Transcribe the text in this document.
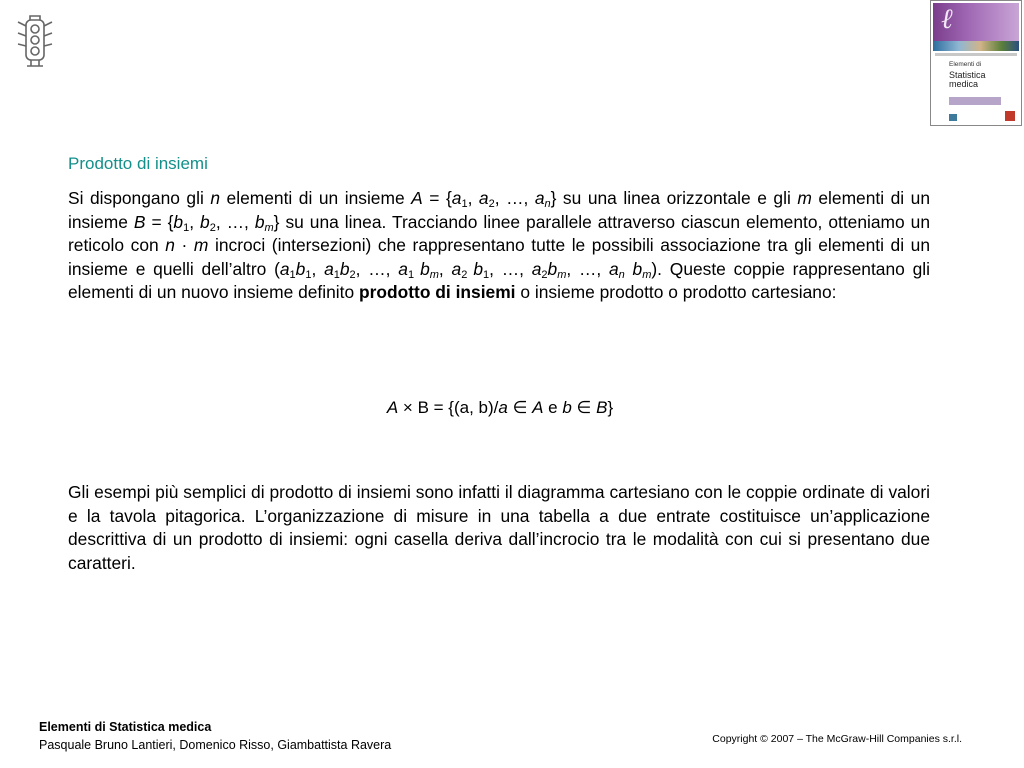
ℓ
Elementi di
Statistica
medica
Prodotto di insiemi

Si dispongano gli n elementi di un insieme $A = \{a_1$, $a_2$, …, $a_n$} su una linea orizzontale e gli m elementi di un insieme $B = \{b_1$, $b_2$, …, $b_m$} su una linea. Tracciando linee parallele attraverso ciascun elemento, otteniamo un reticolo con n · m incroci (intersezioni) che rappresentano tutte le possibili associazione tra gli elementi di un insieme e quelli dell’altro ($a_1b_1$, $a_1b_2$, …, $a_1$ $b_m$, $a_2$ $b_1$, …, $a_2b_m$, …, $a_n$ $b_m$). Queste coppie rappresentano gli elementi di un nuovo insieme definito prodotto di insiemi o insieme prodotto o prodotto cartesiano:

A × B = {(a, b)/a ∈ A e b ∈ B}

Gli esempi più semplici di prodotto di insiemi sono infatti il diagramma cartesiano con le coppie ordinate di valori e la tavola pitagorica. L’organizzazione di misure in una tabella a due entrate costituisce un’applicazione descrittiva di un prodotto di insiemi: ogni casella deriva dall’incrocio tra le modalità con cui si presentano due caratteri.

Elementi di Statistica medica
Pasquale Bruno Lantieri, Domenico Risso, Giambattista Ravera	Copyright © 2007 – The McGraw-Hill Companies s.r.l.
